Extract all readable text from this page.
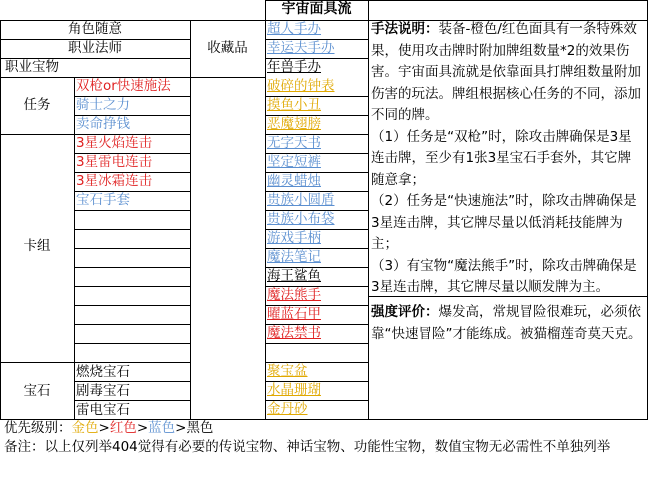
宇宙面具流
角色随意
职业法师
职业宝物
收藏品
任务
卡组
宝石
双枪or快速施法
骑士之力
卖命挣钱
3星火焰连击
3星雷电连击
3星冰霜连击
宝石手套
燃烧宝石
剧毒宝石
雷电宝石
超人手办
幸运夫手办
年兽手办
破碎的钟表
摸鱼小丑
恶魔翅膀
无字天书
坚定短裤
幽灵蜡烛
贵族小圆盾
贵族小布袋
游戏手柄
魔法笔记
海王鲨鱼
魔法熊手
曜蓝石甲
魔法禁书
聚宝盆
水晶珊瑚
金丹砂
手法说明：装备-橙色/红色面具有一条特殊效果，使用攻击牌时附加牌组数量*2的效果伤害。宇宙面具流就是依靠面具打牌组数量附加伤害的玩法。牌组根据核心任务的不同，添加不同的牌。
（1）任务是“双枪”时，除攻击牌确保是3星连击牌，至少有1张3星宝石手套外，其它牌随意拿；
（2）任务是“快速施法”时，除攻击牌确保是3星连击牌，其它牌尽量以低消耗技能牌为主；
（3）有宝物“魔法熊手”时，除攻击牌确保是3星连击牌，其它牌尽量以顺发牌为主。
强度评价：爆发高，常规冒险很难玩，必须依靠“快速冒险”才能练成。被猫榴莲奇莫天克。
优先级别：金色>红色>蓝色>黑色
备注：以上仅列举404觉得有必要的传说宝物、神话宝物、功能性宝物，数值宝物无必需性不单独列举
